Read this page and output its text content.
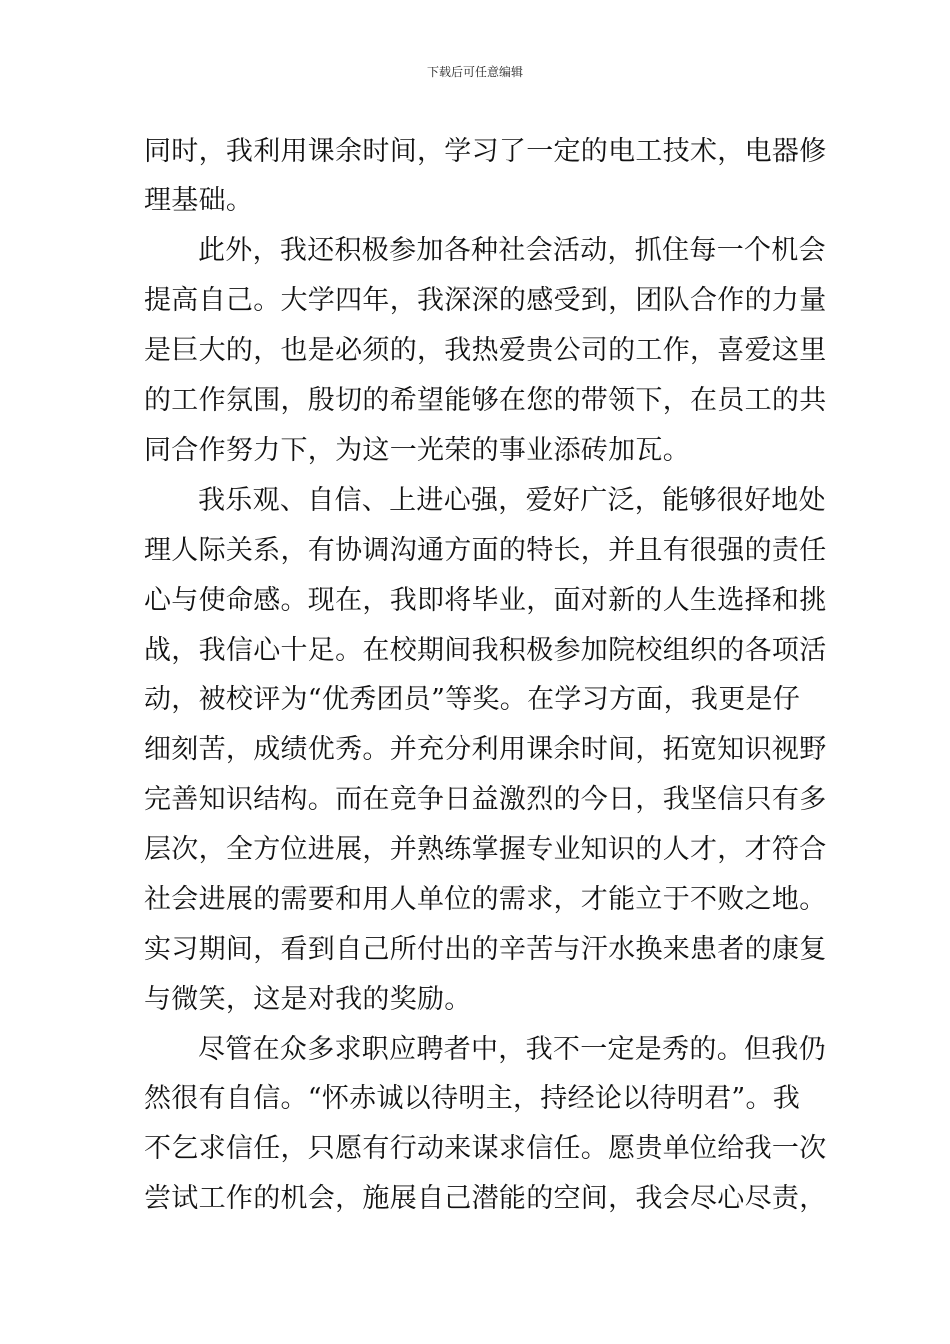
下载后可任意编辑
同时，我利用课余时间，学习了一定的电工技术，电器修
理基础。
此外，我还积极参加各种社会活动，抓住每一个机会
提高自己。大学四年，我深深的感受到，团队合作的力量
是巨大的，也是必须的，我热爱贵公司的工作，喜爱这里
的工作氛围，殷切的希望能够在您的带领下，在员工的共
同合作努力下，为这一光荣的事业添砖加瓦。
我乐观、自信、上进心强，爱好广泛，能够很好地处
理人际关系，有协调沟通方面的特长，并且有很强的责任
心与使命感。现在，我即将毕业，面对新的人生选择和挑
战，我信心十足。在校期间我积极参加院校组织的各项活
动，被校评为“优秀团员”等奖。在学习方面，我更是仔
细刻苦，成绩优秀。并充分利用课余时间，拓宽知识视野
完善知识结构。而在竞争日益激烈的今日，我坚信只有多
层次，全方位进展，并熟练掌握专业知识的人才，才符合
社会进展的需要和用人单位的需求，才能立于不败之地。
实习期间，看到自己所付出的辛苦与汗水换来患者的康复
与微笑，这是对我的奖励。
尽管在众多求职应聘者中，我不一定是秀的。但我仍
然很有自信。“怀赤诚以待明主，持经论以待明君”。我
不乞求信任，只愿有行动来谋求信任。愿贵单位给我一次
尝试工作的机会，施展自己潜能的空间，我会尽心尽责，
